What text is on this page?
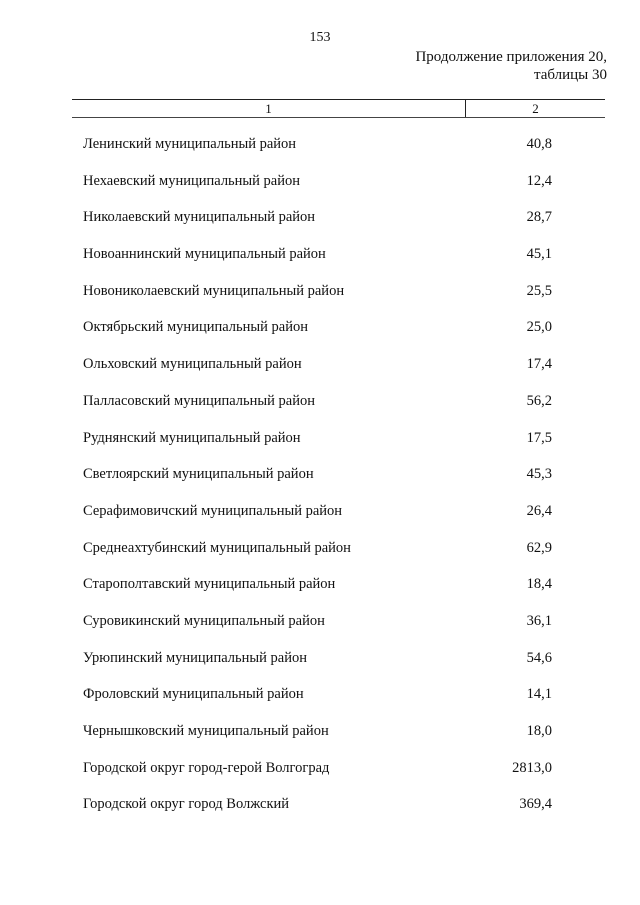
153
Продолжение приложения 20,
таблицы 30
1	2
Ленинский муниципальный район	40,8
Нехаевский муниципальный район	12,4
Николаевский муниципальный район	28,7
Новоаннинский муниципальный район	45,1
Новониколаевский муниципальный район	25,5
Октябрьский муниципальный район	25,0
Ольховский муниципальный район	17,4
Палласовский муниципальный район	56,2
Руднянский муниципальный район	17,5
Светлоярский муниципальный район	45,3
Серафимовичский муниципальный район	26,4
Среднеахтубинский муниципальный район	62,9
Старополтавский муниципальный район	18,4
Суровикинский муниципальный район	36,1
Урюпинский муниципальный район	54,6
Фроловский муниципальный район	14,1
Чернышковский муниципальный район	18,0
Городской округ город-герой Волгоград	2813,0
Городской округ город Волжский	369,4
